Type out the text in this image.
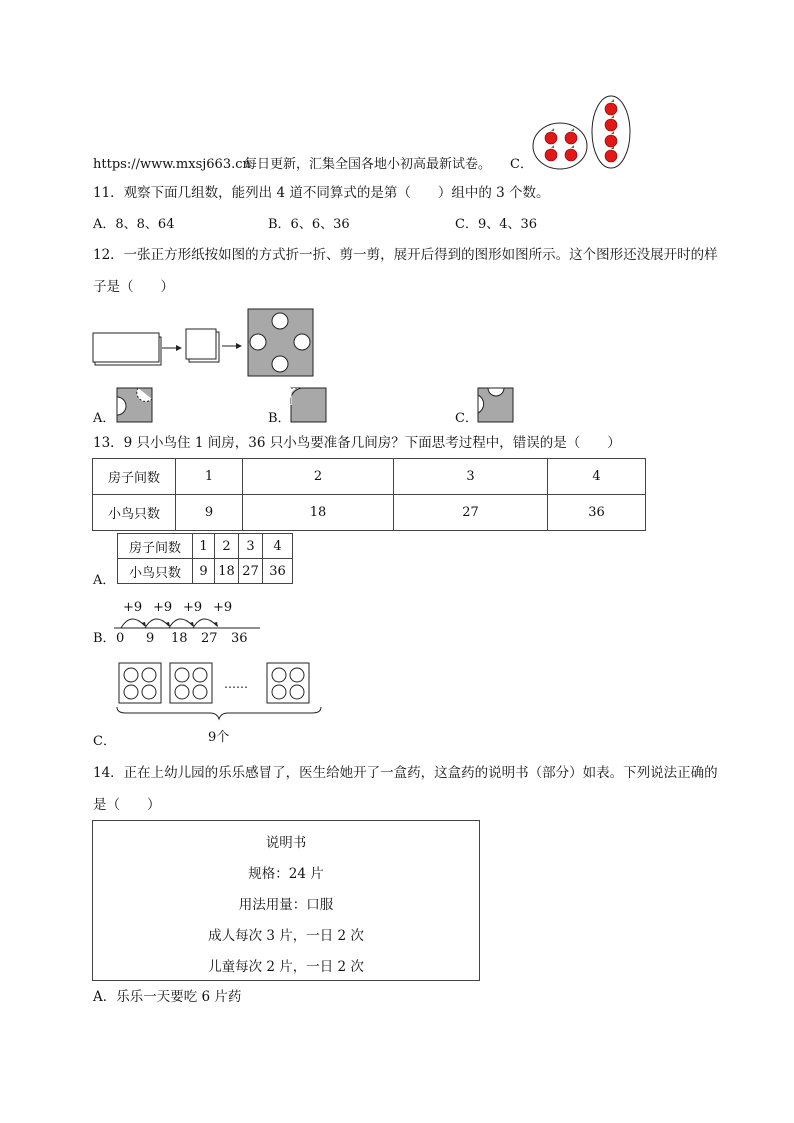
https://www.mxsj663.cn
每日更新，汇集全国各地小初高最新试卷。 C．
11．观察下面几组数，能列出 4 道不同算式的是第（　　）组中的 3 个数。
A．8、8、64	B．6、6、36	C．9、4、36
12．一张正方形纸按如图的方式折一折、剪一剪，展开后得到的图形如图所示。这个图形还没展开时的样
子是（　　）
A．	B．	C．
13．9 只小鸟住 1 间房，36 只小鸟要准备几间房？下面思考过程中，错误的是（　　）
房子间数	1	2	3	4
小鸟只数	9	18	27	36
A．
房子间数	1	2	3	4
小鸟只数	9	18	27	36
B．
+9 +9 +9 +9
0 9 18 27 36
C．
……
9个
14．正在上幼儿园的乐乐感冒了，医生给她开了一盒药，这盒药的说明书（部分）如表。下列说法正确的
是（　　）
说明书
规格：24 片
用法用量：口服
成人每次 3 片，一日 2 次
儿童每次 2 片，一日 2 次
A．乐乐一天要吃 6 片药
